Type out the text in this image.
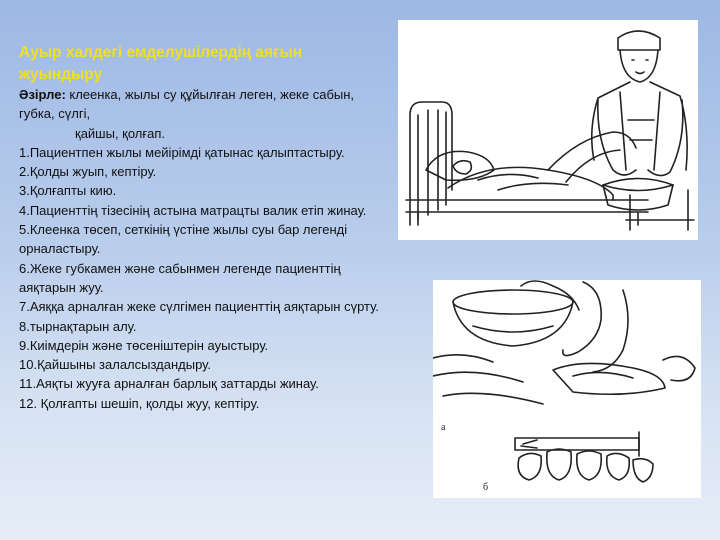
Ауыр халдегі емделушілердің аяғын жуындыру

Әзірле: клеенка, жылы су құйылған леген, жеке сабын, губка, сүлгі,

қайшы, қолғап.

1.Пациентпен жылы мейірімді қатынас қалыптастыру.

2.Қолды жуып, кептіру.

3.Қолғапты кию.

4.Пациенттің тізесінің астына матрацты валик етіп жинау.

5.Клеенка төсеп, сеткінің үстіне жылы суы бар легенді орналастыру.

6.Жеке губкамен және сабынмен легенде пациенттің аяқтарын жуу.

7.Аяққа арналған жеке сүлгімен пациенттің аяқтарын сүрту.

8.тырнақтарын алу.

9.Киімдерін және төсеніштерін ауыстыру.

10.Қайшыны залалсыздандыру.

11.Аяқты жууға арналған барлық заттарды жинау.

12. Қолғапты шешіп, қолды жуу, кептіру.

а
б
